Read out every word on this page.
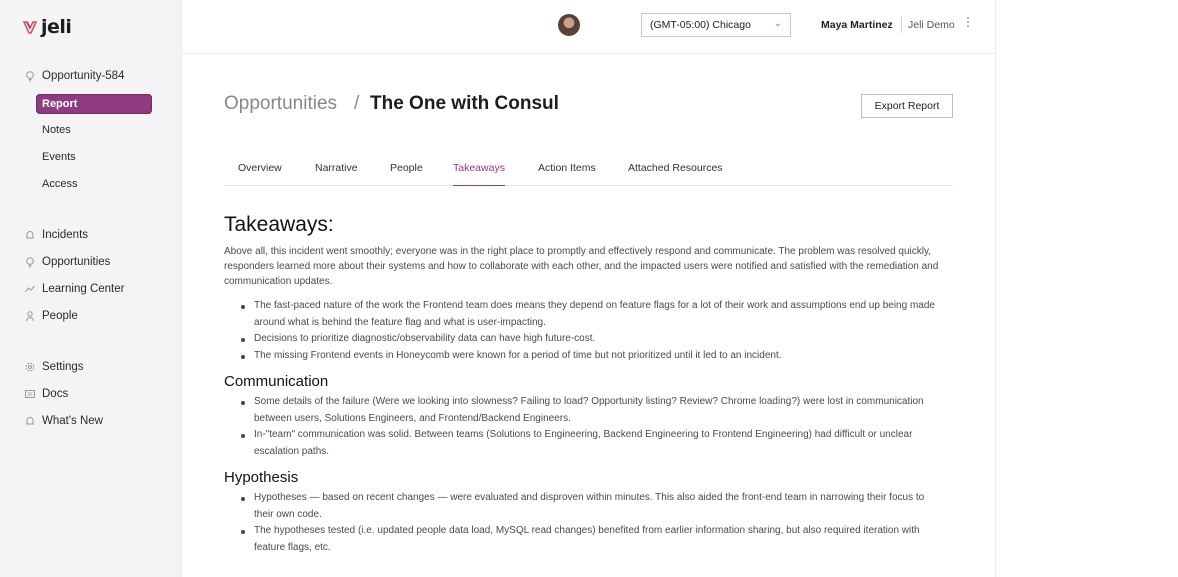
jeli
Opportunity-584
Report
Notes
Events
Access
Incidents
Opportunities
Learning Center
People
Settings
Docs
What's New
(GMT-05:00) Chicago ⌄	Maya Martinez Jeli Demo ⋮
Opportunities / The One with Consul	Export Report
Overview	Narrative	People	Takeaways	Action Items	Attached Resources
Takeaways:

Above all, this incident went smoothly; everyone was in the right place to promptly and effectively respond and communicate. The problem was resolved quickly, responders learned more about their systems and how to collaborate with each other, and the impacted users were notified and satisfied with the remediation and communication updates.

The fast-paced nature of the work the Frontend team does means they depend on feature flags for a lot of their work and assumptions end up being made around what is behind the feature flag and what is user-impacting.
Decisions to prioritize diagnostic/observability data can have high future-cost.
The missing Frontend events in Honeycomb were known for a period of time but not prioritized until it led to an incident.
Communication
Some details of the failure (Were we looking into slowness? Failing to load? Opportunity listing? Review? Chrome loading?) were lost in communication between users, Solutions Engineers, and Frontend/Backend Engineers.
In-"team" communication was solid. Between teams (Solutions to Engineering, Backend Engineering to Frontend Engineering) had difficult or unclear escalation paths.
Hypothesis
Hypotheses — based on recent changes — were evaluated and disproven within minutes. This also aided the front-end team in narrowing their focus to their own code.
The hypotheses tested (i.e. updated people data load, MySQL read changes) benefited from earlier information sharing, but also required iteration with feature flags, etc.
